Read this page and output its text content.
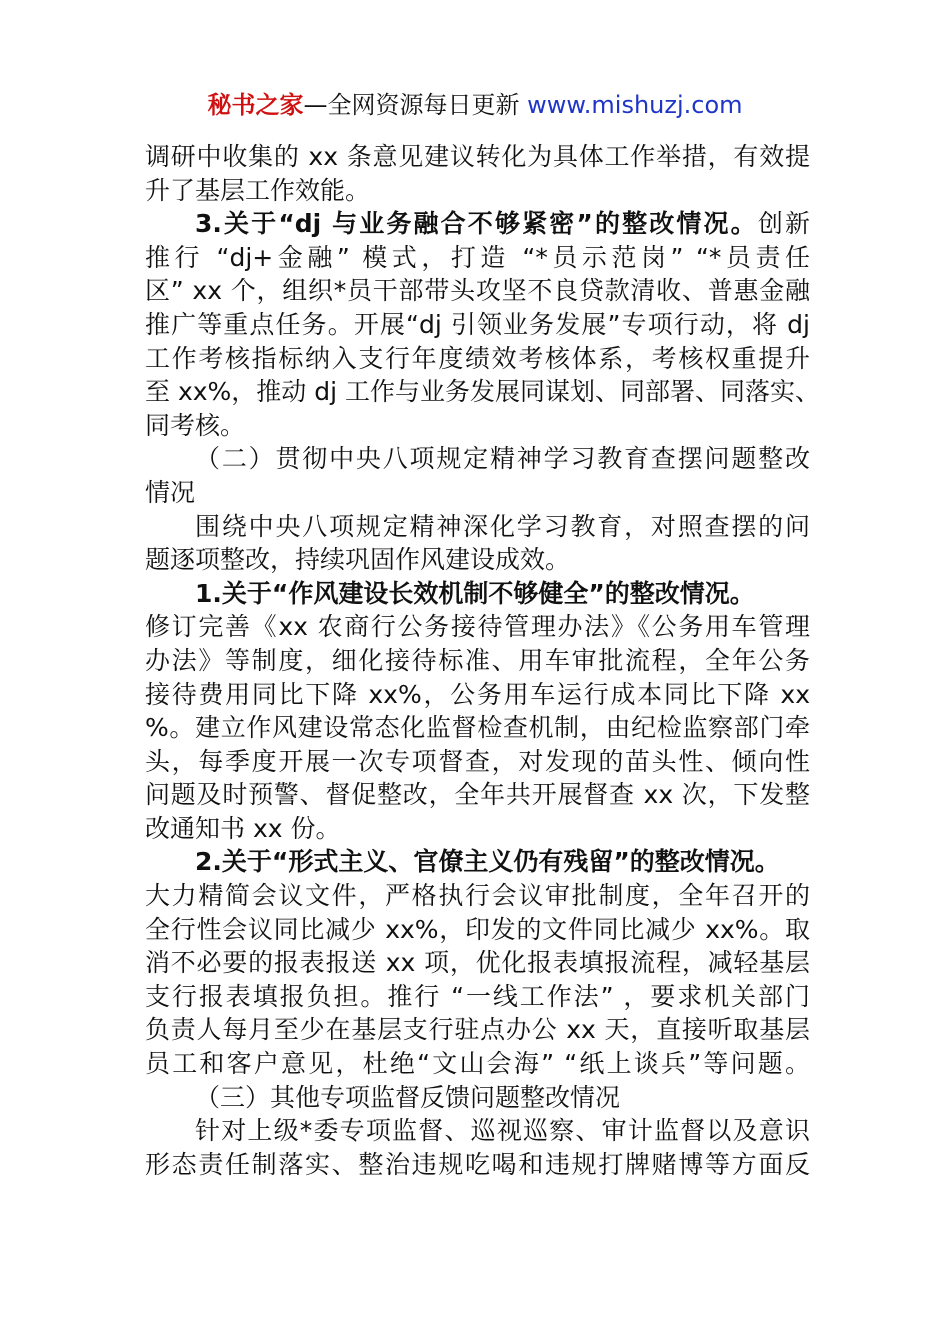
秘书之家—全网资源每日更新 www.mishuzj.com
调研中收集的 xx 条意见建议转化为具体工作举措，有效提
升了基层工作效能。
3.关于“dj 与业务融合不够紧密”的整改情况。创新
推行 “dj+金融” 模式，打造 “*员示范岗” “*员责任
区” xx 个，组织*员干部带头攻坚不良贷款清收、普惠金融
推广等重点任务。开展“dj 引领业务发展”专项行动，将 dj
工作考核指标纳入支行年度绩效考核体系，考核权重提升
至 xx%，推动 dj 工作与业务发展同谋划、同部署、同落实、
同考核。
（二）贯彻中央八项规定精神学习教育查摆问题整改
情况
围绕中央八项规定精神深化学习教育，对照查摆的问
题逐项整改，持续巩固作风建设成效。
1.关于“作风建设长效机制不够健全”的整改情况。
修订完善《xx 农商行公务接待管理办法》《公务用车管理
办法》等制度，细化接待标准、用车审批流程，全年公务
接待费用同比下降 xx%，公务用车运行成本同比下降 xx
%。建立作风建设常态化监督检查机制，由纪检监察部门牵
头，每季度开展一次专项督查，对发现的苗头性、倾向性
问题及时预警、督促整改，全年共开展督查 xx 次，下发整
改通知书 xx 份。
2.关于“形式主义、官僚主义仍有残留”的整改情况。
大力精简会议文件，严格执行会议审批制度，全年召开的
全行性会议同比减少 xx%，印发的文件同比减少 xx%。取
消不必要的报表报送 xx 项，优化报表填报流程，减轻基层
支行报表填报负担。推行 “一线工作法” ，要求机关部门
负责人每月至少在基层支行驻点办公 xx 天，直接听取基层
员工和客户意见，杜绝“文山会海” “纸上谈兵”等问题。
（三）其他专项监督反馈问题整改情况
针对上级*委专项监督、巡视巡察、审计监督以及意识
形态责任制落实、整治违规吃喝和违规打牌赌博等方面反
